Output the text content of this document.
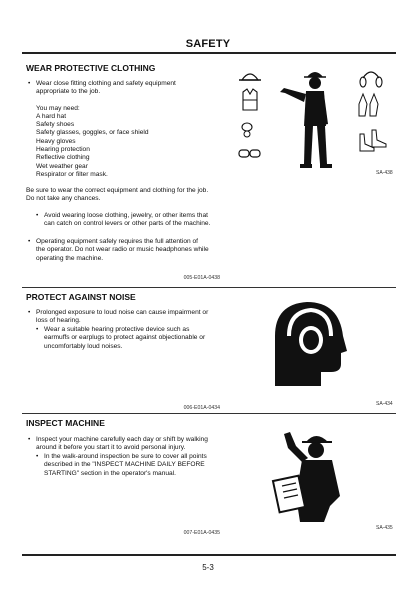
SAFETY
WEAR PROTECTIVE CLOTHING
• Wear close fitting clothing and safety equipment
appropriate to the job.
You may need:
A hard hat
Safety shoes
Safety glasses, goggles, or face shield
Heavy gloves
Hearing protection
Reflective clothing
Wet weather gear
Respirator or filter mask.
Be sure to wear the correct equipment and clothing for the job.
Do not take any chances.
• Avoid wearing loose clothing, jewelry, or other items that
can catch on control levers or other parts of the machine.
• Operating equipment safely requires the full attention of
the operator. Do not wear radio or music headphones while
operating the machine.
005-E01A-0438
SA-438
PROTECT AGAINST NOISE
• Prolonged exposure to loud noise can cause impairment or
loss of hearing.
• Wear a suitable hearing protective device such as
earmuffs or earplugs to protect against objectionable or
uncomfortably loud noises.
006-E01A-0434
SA-434
INSPECT MACHINE
• Inspect your machine carefully each day or shift by walking
around it before you start it to avoid personal injury.
• In the walk-around inspection be sure to cover all points
described in the "INSPECT MACHINE DAILY BEFORE
STARTING" section in the operator's manual.
007-E01A-0435
SA-435
5-3
